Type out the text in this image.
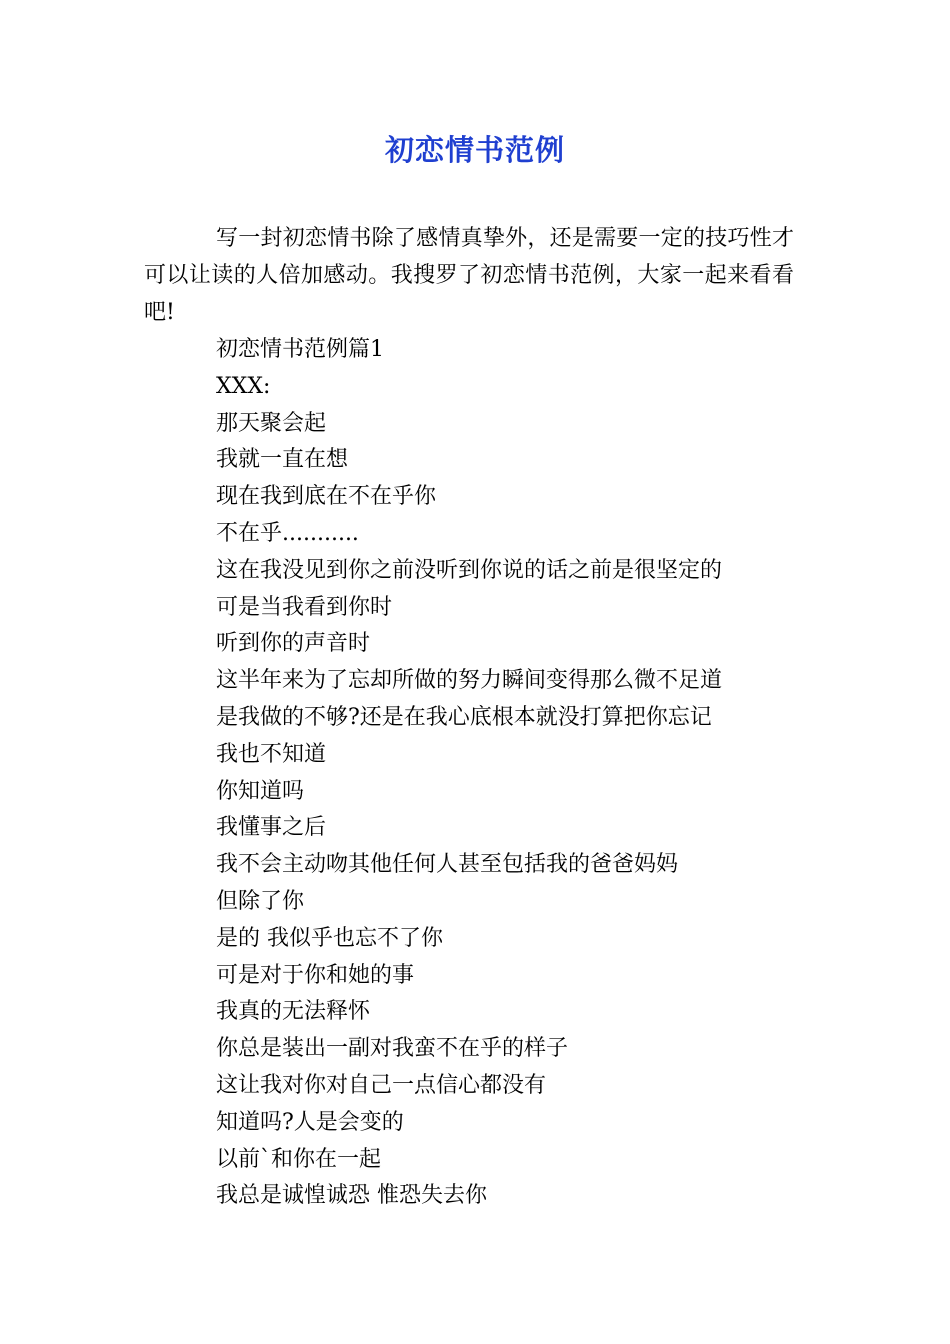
初恋情书范例

写一封初恋情书除了感情真挚外，还是需要一定的技巧性才可以让读的人倍加感动。我搜罗了初恋情书范例，大家一起来看看吧!

初恋情书范例篇1
XXX:
那天聚会起
我就一直在想
现在我到底在不在乎你
不在乎...........
这在我没见到你之前没听到你说的话之前是很坚定的
可是当我看到你时
听到你的声音时
这半年来为了忘却所做的努力瞬间变得那么微不足道
是我做的不够?还是在我心底根本就没打算把你忘记
我也不知道
你知道吗
我懂事之后
我不会主动吻其他任何人甚至包括我的爸爸妈妈
但除了你
是的 我似乎也忘不了你
可是对于你和她的事
我真的无法释怀
你总是装出一副对我蛮不在乎的样子
这让我对你对自己一点信心都没有
知道吗?人是会变的
以前`和你在一起
我总是诚惶诚恐 惟恐失去你
